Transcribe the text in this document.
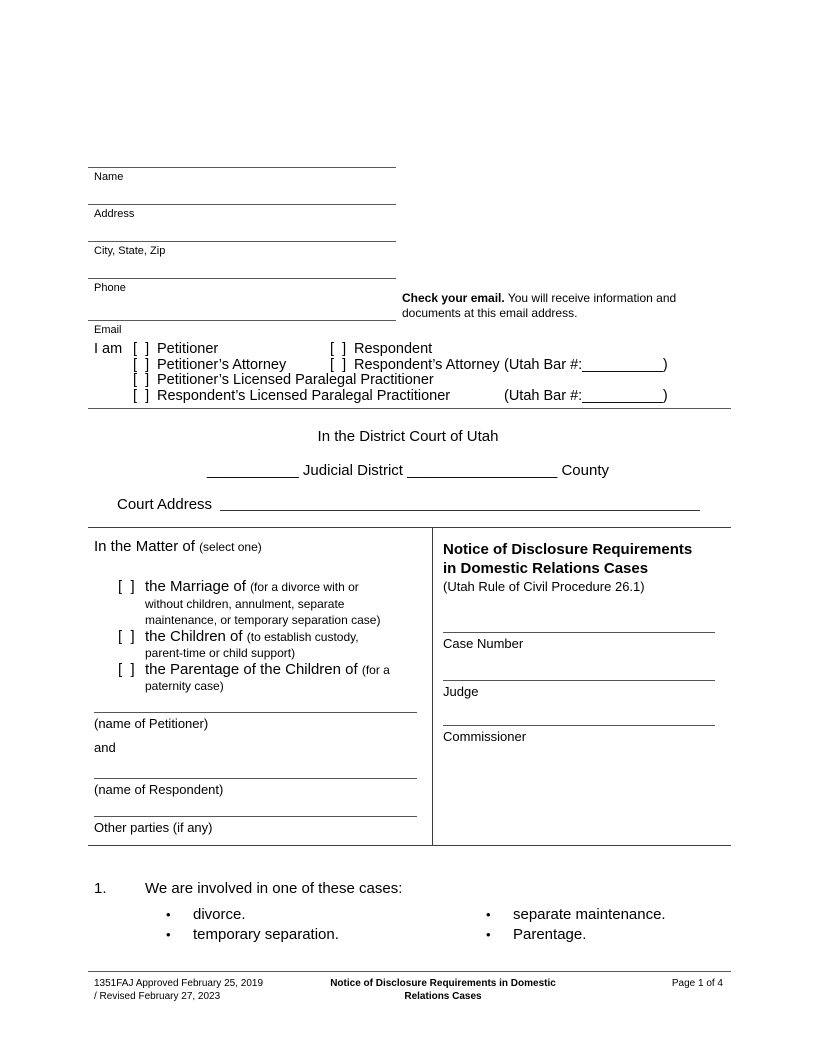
Name
Address
City, State, Zip
Phone
Email
Check your email. You will receive information and documents at this email address.
I am [  ] Petitioner	[  ] Respondent
[  ] Petitioner’s Attorney	[  ] Respondent’s Attorney (Utah Bar #:__________)
[  ] Petitioner’s Licensed Paralegal Practitioner
[  ] Respondent’s Licensed Paralegal Practitioner	(Utah Bar #:__________)
In the District Court of Utah
___________ Judicial District __________________ County
Court Address
In the Matter of (select one)
[  ] the Marriage of (for a divorce with or
without children, annulment, separate
maintenance, or temporary separation case)
[  ] the Children of (to establish custody,
parent-time or child support)
[  ] the Parentage of the Children of (for a
paternity case)
(name of Petitioner)
and
(name of Respondent)
Other parties (if any)
Notice of Disclosure Requirements
in Domestic Relations Cases
(Utah Rule of Civil Procedure 26.1)
Case Number
Judge
Commissioner
1.	We are involved in one of these cases:
• divorce.
• temporary separation.
• separate maintenance.
• Parentage.
1351FAJ Approved February 25, 2019
/ Revised February 27, 2023
Notice of Disclosure Requirements in Domestic
Relations Cases
Page 1 of 4
